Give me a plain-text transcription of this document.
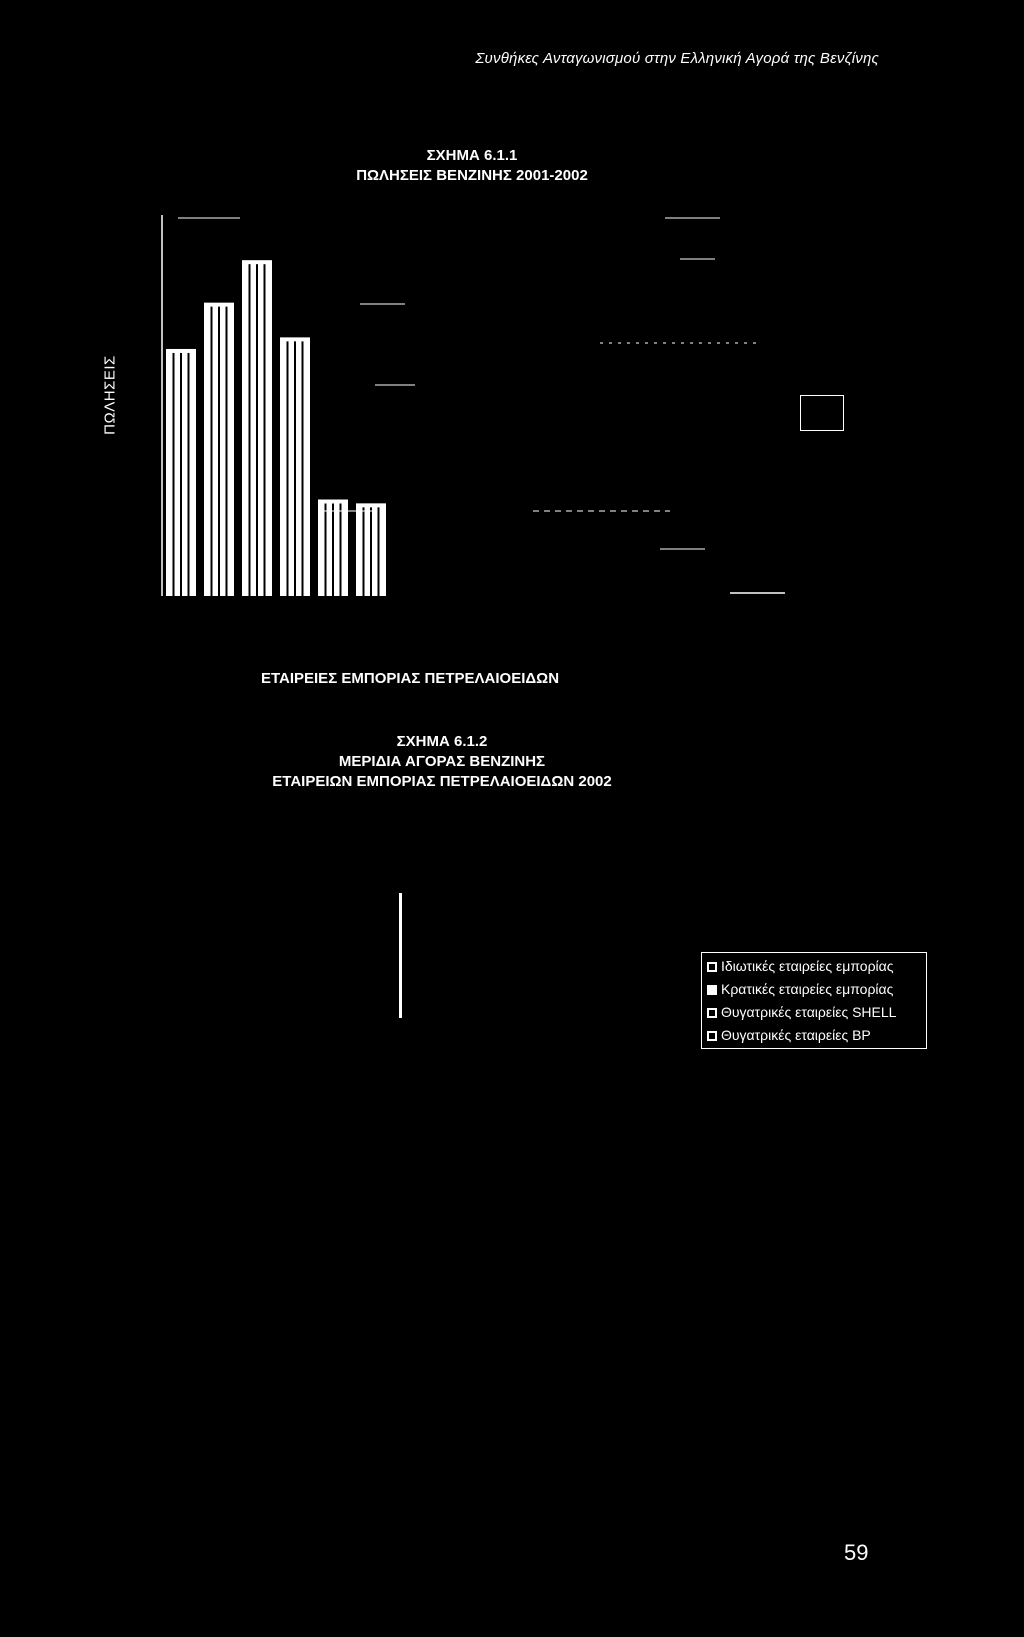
Συνθήκες Ανταγωνισμού στην Ελληνική Αγορά της Βενζίνης
ΣΧΗΜΑ 6.1.1
ΠΩΛΗΣΕΙΣ ΒΕΝΖΙΝΗΣ 2001-2002
ΠΩΛΗΣΕΙΣ
ΕΤΑΙΡΕΙΕΣ ΕΜΠΟΡΙΑΣ ΠΕΤΡΕΛΑΙΟΕΙΔΩΝ
ΣΧΗΜΑ 6.1.2
ΜΕΡΙΔΙΑ ΑΓΟΡΑΣ ΒΕΝΖΙΝΗΣ
ΕΤΑΙΡΕΙΩΝ ΕΜΠΟΡΙΑΣ ΠΕΤΡΕΛΑΙΟΕΙΔΩΝ 2002
Ιδιωτικές εταιρείες εμπορίας
Κρατικές εταιρείες εμπορίας
Θυγατρικές εταιρείες SHELL
Θυγατρικές εταιρείες BP
59
